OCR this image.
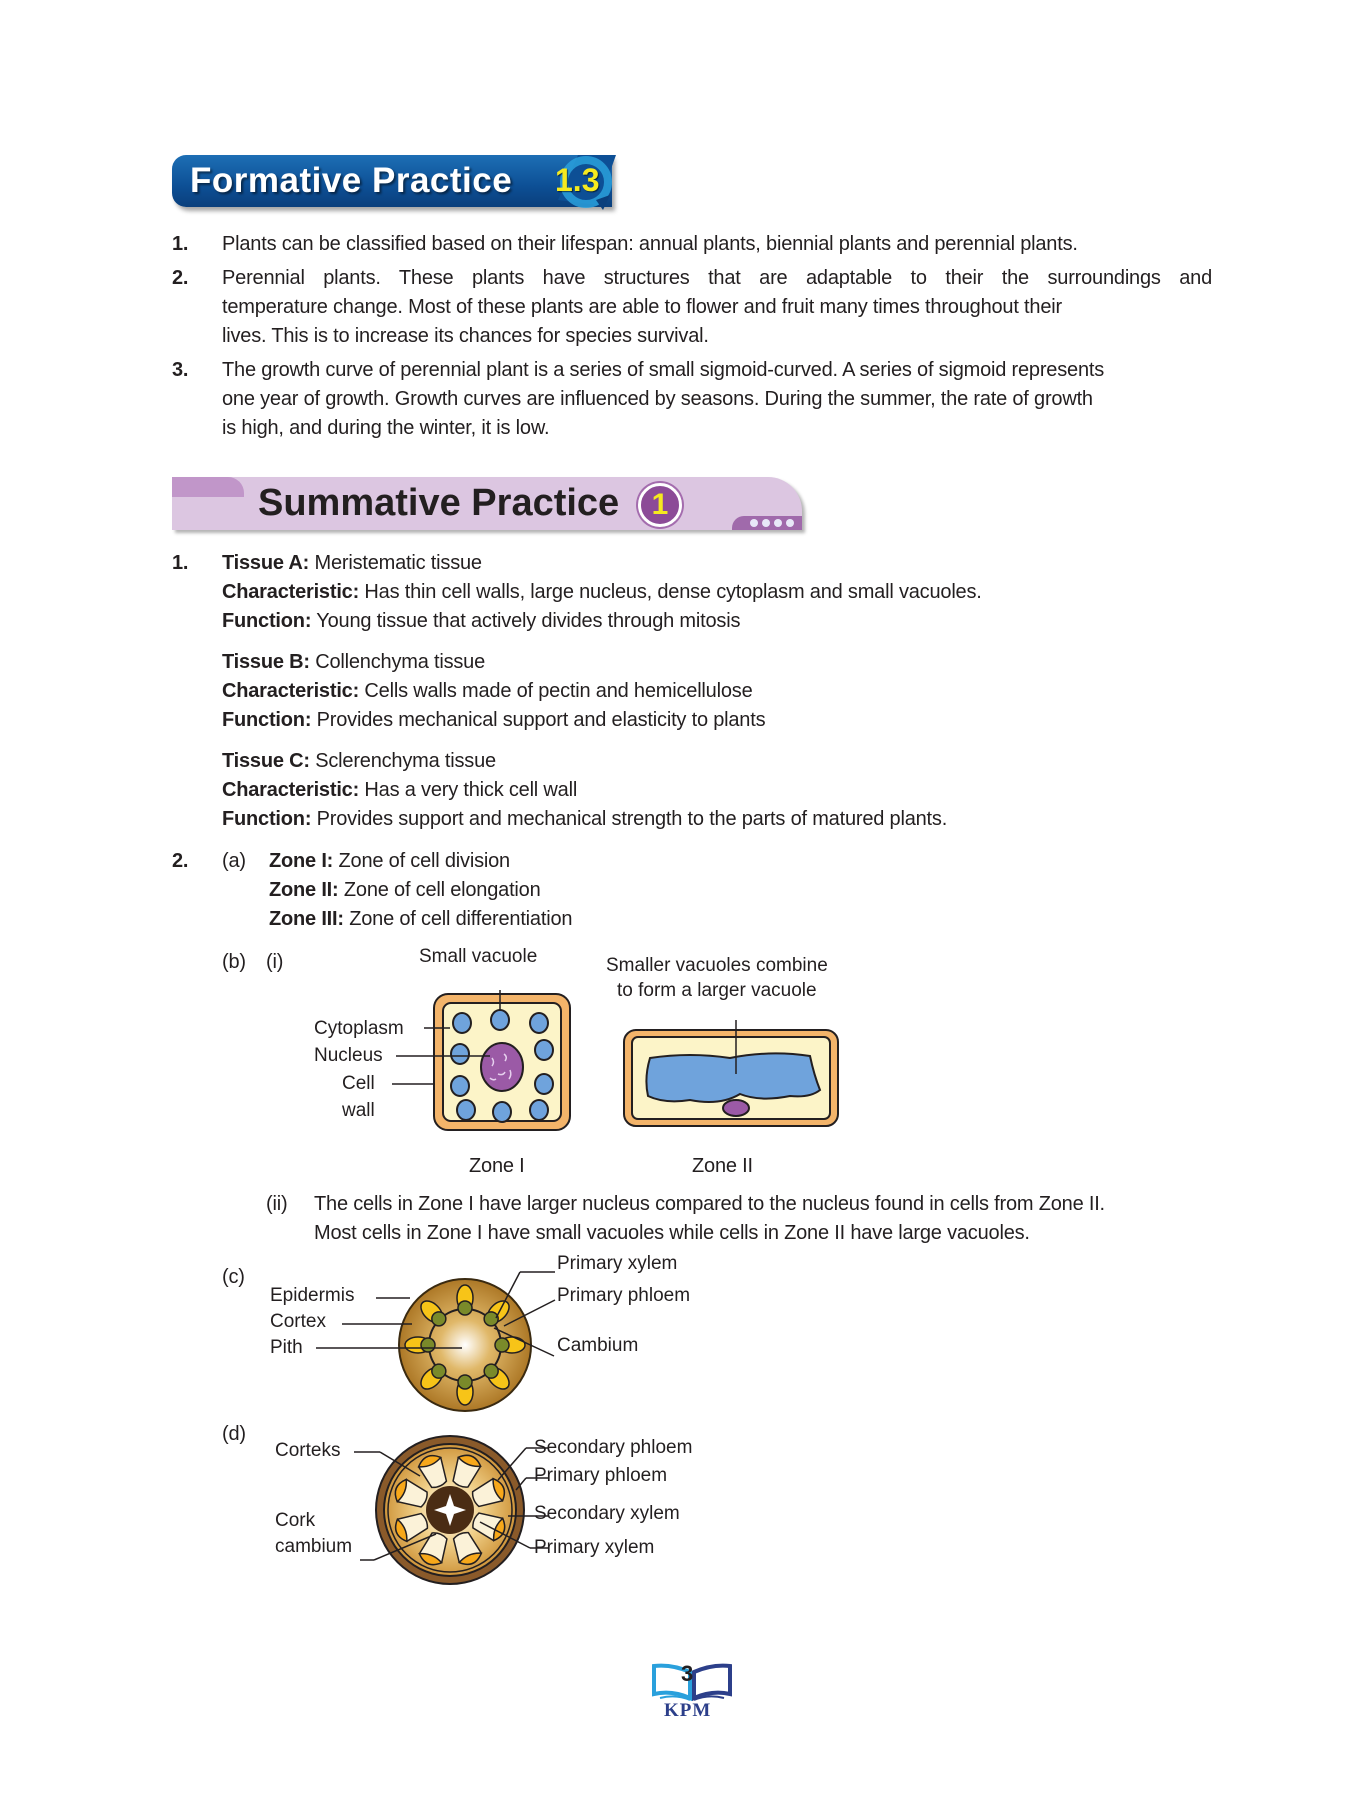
Formative Practice 1.3
1. Plants can be classified based on their lifespan: annual plants, biennial plants and perennial plants.
2. Perennial plants. These plants have structures that are adaptable to their the surroundings and
temperature change. Most of these plants are able to flower and fruit many times throughout their
lives. This is to increase its chances for species survival.
3. The growth curve of perennial plant is a series of small sigmoid-curved. A series of sigmoid represents
one year of growth. Growth curves are influenced by seasons. During the summer, the rate of growth
is high, and during the winter, it is low.
Summative Practice	1
1. Tissue A: Meristematic tissue
Characteristic: Has thin cell walls, large nucleus, dense cytoplasm and small vacuoles.
Function: Young tissue that actively divides through mitosis
Tissue B: Collenchyma tissue
Characteristic: Cells walls made of pectin and hemicellulose
Function: Provides mechanical support and elasticity to plants
Tissue C: Sclerenchyma tissue
Characteristic: Has a very thick cell wall
Function: Provides support and mechanical strength to the parts of matured plants.
2. (a) Zone I: Zone of cell division
Zone II: Zone of cell elongation
Zone III: Zone of cell differentiation
(b) (i)	Small vacuole
Cytoplasm
Nucleus
Cell
wall
Smaller vacuoles combine
to form a larger vacuole
Zone I	Zone II
(ii) The cells in Zone I have larger nucleus compared to the nucleus found in cells from Zone II.
Most cells in Zone I have small vacuoles while cells in Zone II have large vacuoles.
(c)
Epidermis
Cortex
Pith
Primary xylem
Primary phloem
Cambium
(d)
Corteks
Cork
cambium
Secondary phloem
Primary phloem
Secondary xylem
Primary xylem
3
KPM
